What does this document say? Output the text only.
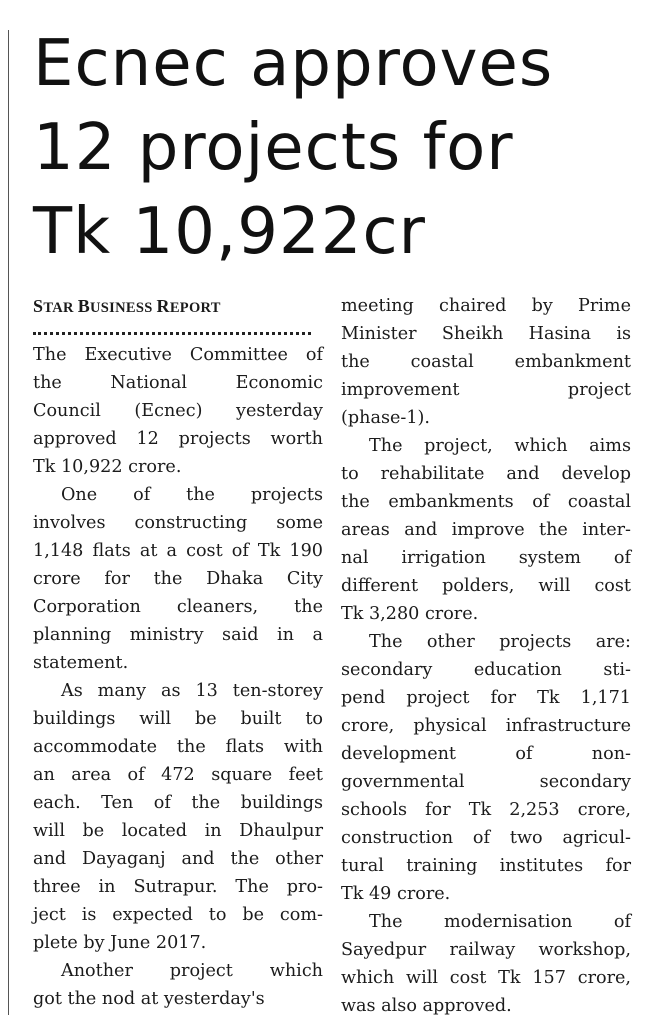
Ecnec approves
12 projects for
Tk 10,922cr
STAR BUSINESS REPORT

The Executive Committee of
the National Economic
Council (Ecnec) yesterday
approved 12 projects worth
Tk 10,922 crore.

One of the projects
involves constructing some
1,148 flats at a cost of Tk 190
crore for the Dhaka City
Corporation cleaners, the
planning ministry said in a
statement.

As many as 13 ten-storey
buildings will be built to
accommodate the flats with
an area of 472 square feet
each. Ten of the buildings
will be located in Dhaulpur
and Dayaganj and the other
three in Sutrapur. The pro-
ject is expected to be com-
plete by June 2017.

Another project which
got the nod at yesterday's

meeting chaired by Prime
Minister Sheikh Hasina is
the coastal embankment
improvement project
(phase-1).

The project, which aims
to rehabilitate and develop
the embankments of coastal
areas and improve the inter-
nal irrigation system of
different polders, will cost
Tk 3,280 crore.

The other projects are:
secondary education sti-
pend project for Tk 1,171
crore, physical infrastructure
development of non-
governmental secondary
schools for Tk 2,253 crore,
construction of two agricul-
tural training institutes for
Tk 49 crore.

The modernisation of
Sayedpur railway workshop,
which will cost Tk 157 crore,
was also approved.
